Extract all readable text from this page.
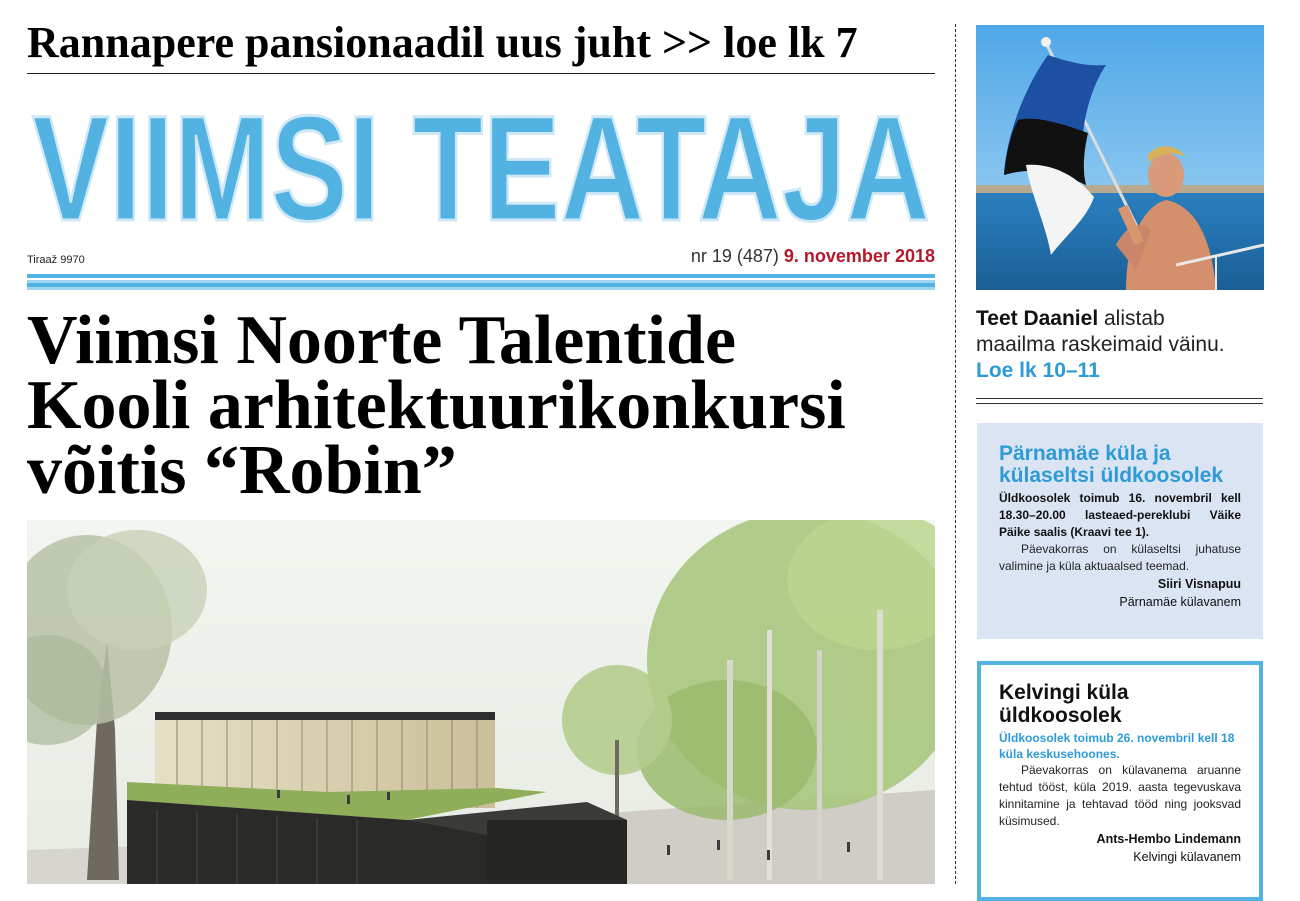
Rannapere pansionaadil uus juht >> loe lk 7
VIIMSI TEATAJA
Tiraaž 9970	nr 19 (487) 9. november 2018
Viimsi Noorte Talentide
Kooli arhitektuurikonkursi
võitis “Robin”
Teet Daaniel alistab
maailma raskeimaid väinu.
Loe lk 10–11
Pärnamäe küla ja
külaseltsi üldkoosolek
Üldkoosolek toimub 16. novembril kell 18.30–20.00 lasteaed-pereklubi Väike Päike saalis (Kraavi tee 1).
Päevakorras on külaseltsi juhatuse valimine ja küla aktuaalsed teemad.
Siiri Visnapuu
Pärnamäe külavanem
Kelvingi küla
üldkoosolek
Üldkoosolek toimub 26. novembril kell 18 küla keskusehoones.
Päevakorras on külavanema aruanne tehtud tööst, küla 2019. aasta tegevuskava kinnitamine ja tehtavad tööd ning jooksvad küsimused.
Ants-Hembo Lindemann
Kelvingi külavanem
